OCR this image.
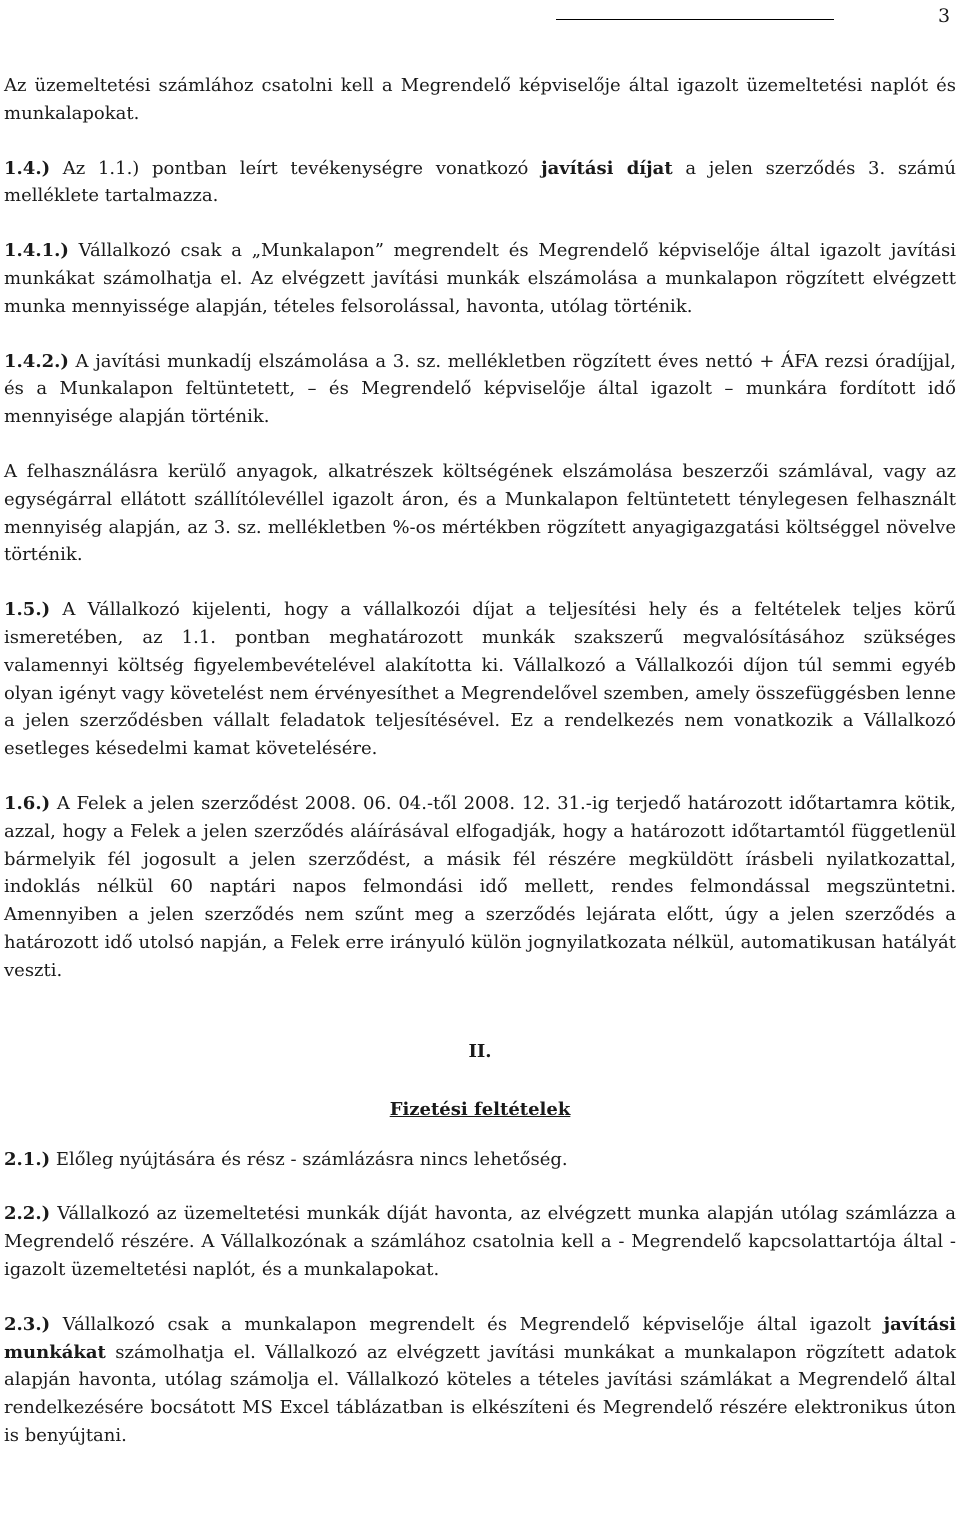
3

Az üzemeltetési számlához csatolni kell a Megrendelő képviselője által igazolt üzemeltetési naplót és munkalapokat.

1.4.) Az 1.1.) pontban leírt tevékenységre vonatkozó javítási díjat a jelen szerződés 3. számú melléklete tartalmazza.

1.4.1.) Vállalkozó csak a „Munkalapon” megrendelt és Megrendelő képviselője által igazolt javítási munkákat számolhatja el. Az elvégzett javítási munkák elszámolása a munkalapon rögzített elvégzett munka mennyissége alapján, tételes felsorolással, havonta, utólag történik.

1.4.2.) A javítási munkadíj elszámolása a 3. sz. mellékletben rögzített éves nettó + ÁFA rezsi óradíjjal, és a Munkalapon feltüntetett, – és Megrendelő képviselője által igazolt – munkára fordított idő mennyisége alapján történik.

A felhasználásra kerülő anyagok, alkatrészek költségének elszámolása beszerzői számlával, vagy az egységárral ellátott szállítólevéllel igazolt áron, és a Munkalapon feltüntetett ténylegesen felhasznált mennyiség alapján, az 3. sz. mellékletben %-os mértékben rögzített anyagigazgatási költséggel növelve történik.

1.5.) A Vállalkozó kijelenti, hogy a vállalkozói díjat a teljesítési hely és a feltételek teljes körű ismeretében, az 1.1. pontban meghatározott munkák szakszerű megvalósításához szükséges valamennyi költség figyelembevételével alakította ki. Vállalkozó a Vállalkozói díjon túl semmi egyéb olyan igényt vagy követelést nem érvényesíthet a Megrendelővel szemben, amely összefüggésben lenne a jelen szerződésben vállalt feladatok teljesítésével. Ez a rendelkezés nem vonatkozik a Vállalkozó esetleges késedelmi kamat követelésére.

1.6.) A Felek a jelen szerződést 2008. 06. 04.-től 2008. 12. 31.-ig terjedő határozott időtartamra kötik, azzal, hogy a Felek a jelen szerződés aláírásával elfogadják, hogy a határozott időtartamtól függetlenül bármelyik fél jogosult a jelen szerződést, a másik fél részére megküldött írásbeli nyilatkozattal, indoklás nélkül 60 naptári napos felmondási idő mellett, rendes felmondással megszüntetni. Amennyiben a jelen szerződés nem szűnt meg a szerződés lejárata előtt, úgy a jelen szerződés a határozott idő utolsó napján, a Felek erre irányuló külön jognyilatkozata nélkül, automatikusan hatályát veszti.

II.

Fizetési feltételek

2.1.) Előleg nyújtására és rész - számlázásra nincs lehetőség.

2.2.) Vállalkozó az üzemeltetési munkák díját havonta, az elvégzett munka alapján utólag számlázza a Megrendelő részére. A Vállalkozónak a számlához csatolnia kell a - Megrendelő kapcsolattartója által - igazolt üzemeltetési naplót, és a munkalapokat.

2.3.) Vállalkozó csak a munkalapon megrendelt és Megrendelő képviselője által igazolt javítási munkákat számolhatja el. Vállalkozó az elvégzett javítási munkákat a munkalapon rögzített adatok alapján havonta, utólag számolja el. Vállalkozó köteles a tételes javítási számlákat a Megrendelő által rendelkezésére bocsátott MS Excel táblázatban is elkészíteni és Megrendelő részére elektronikus úton is benyújtani.
